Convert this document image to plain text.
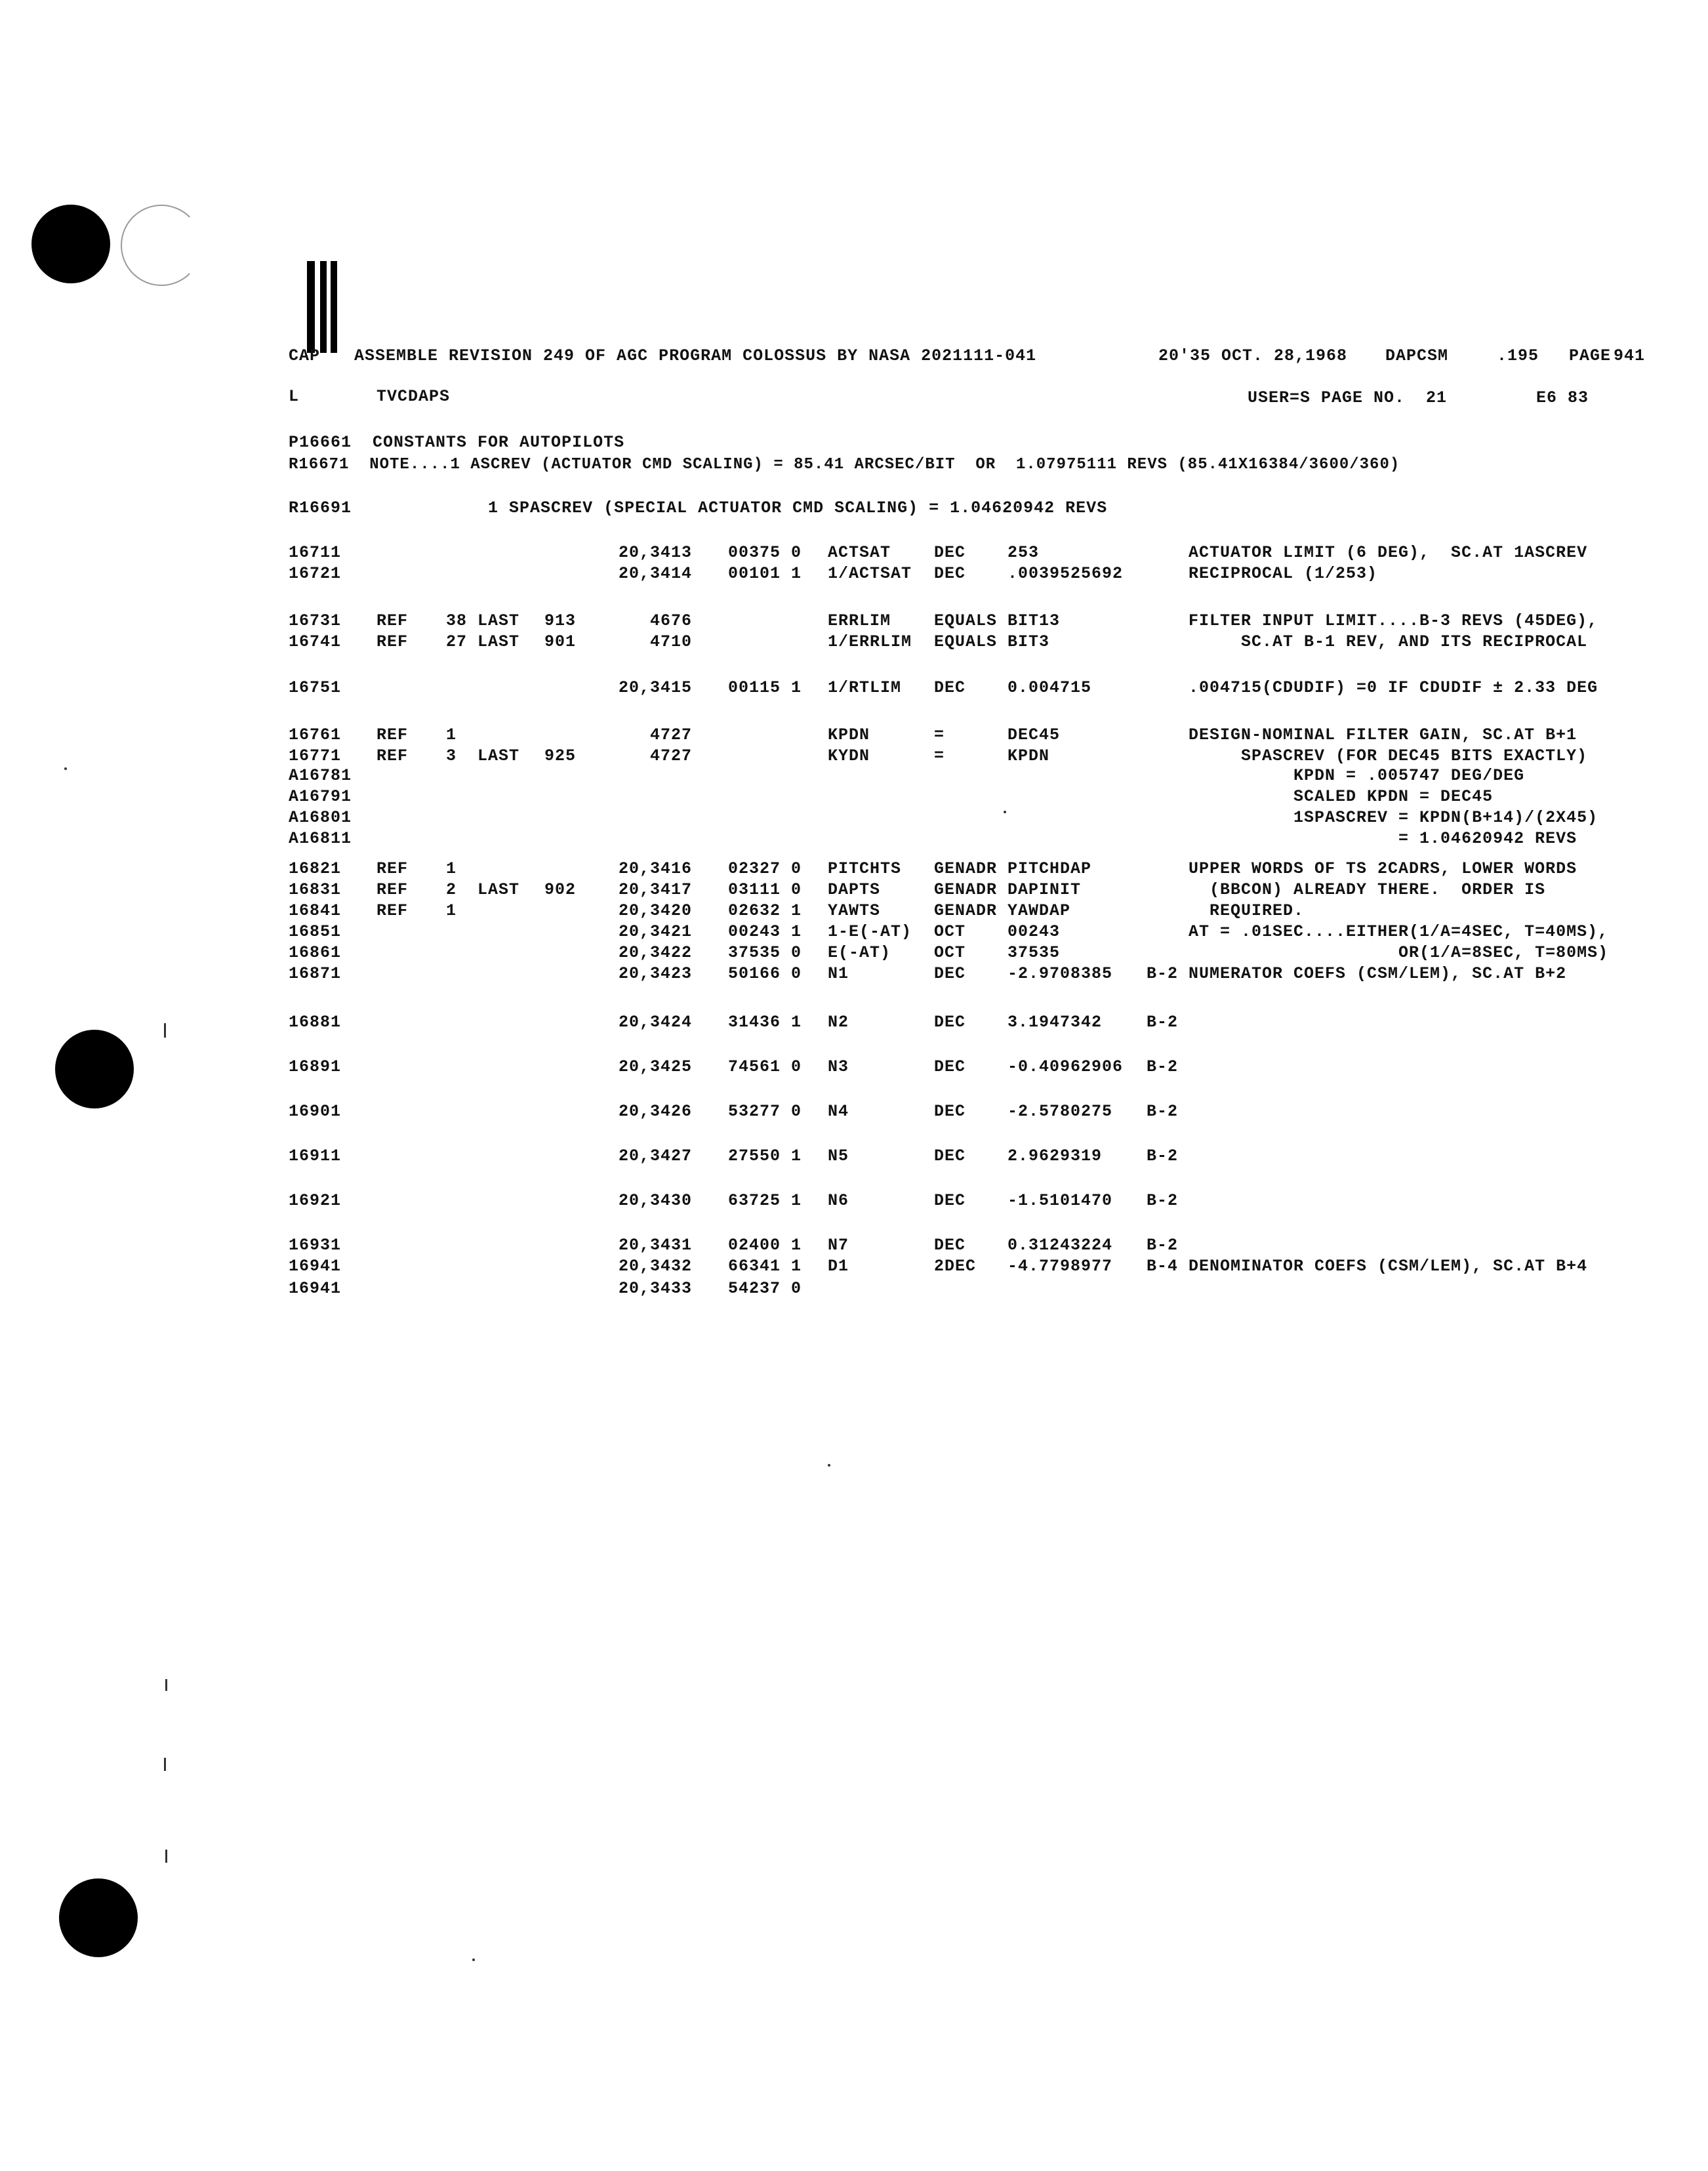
CAP ASSEMBLE REVISION 249 OF AGC PROGRAM COLOSSUS BY NASA 2021111-041	20'35 OCT. 28,1968 DAPCSM	.195 PAGE 941
L	TVCDAPS	USER=S PAGE NO.  21	E6 83
P16661  CONSTANTS FOR AUTOPILOTS
R16671  NOTE....1 ASCREV (ACTUATOR CMD SCALING) = 85.41 ARCSEC/BIT  OR  1.07975111 REVS (85.41X16384/3600/360)
R16691             1 SPASCREV (SPECIAL ACTUATOR CMD SCALING) = 1.04620942 REVS
16711	20,3413 00375 0 ACTSAT	DEC	253	ACTUATOR LIMIT (6 DEG),  SC.AT 1ASCREV
16721	20,3414 00101 1 1/ACTSAT DEC	.0039525692	RECIPROCAL (1/253)
16731 REF 38 LAST 913	4676	ERRLIM	EQUALS BIT13	FILTER INPUT LIMIT....B-3 REVS (45DEG),
16741 REF 27 LAST 901	4710	1/ERRLIM EQUALS BIT3	SC.AT B-1 REV, AND ITS RECIPROCAL
16751	20,3415 00115 1 1/RTLIM DEC	0.004715	.004715(CDUDIF) =0 IF CDUDIF ± 2.33 DEG
16761 REF 1	4727	KPDN	=	DEC45	DESIGN-NOMINAL FILTER GAIN, SC.AT B+1
16771 REF 3 LAST 925	4727	KYDN	=	KPDN	SPASCREV (FOR DEC45 BITS EXACTLY)
A16781	KPDN = .005747 DEG/DEG
A16791	SCALED KPDN = DEC45
A16801	1SPASCREV = KPDN(B+14)/(2X45)
A16811	= 1.04620942 REVS
16821 REF 1	20,3416 02327 0 PITCHTS GENADR PITCHDAP	UPPER WORDS OF TS 2CADRS, LOWER WORDS
16831 REF 2 LAST 902	20,3417 03111 0 DAPTS	GENADR DAPINIT	(BBCON) ALREADY THERE.  ORDER IS
16841 REF 1	20,3420 02632 1 YAWTS	GENADR YAWDAP	REQUIRED.
16851	20,3421 00243 1 1-E(-AT) OCT	00243	AT = .01SEC....EITHER(1/A=4SEC, T=40MS),
16861	20,3422 37535 0 E(-AT)	OCT	37535	OR(1/A=8SEC, T=80MS)
16871	20,3423 50166 0 N1	DEC	-2.9708385 B-2 NUMERATOR COEFS (CSM/LEM), SC.AT B+2
16881	20,3424 31436 1 N2	DEC	3.1947342	B-2
16891	20,3425 74561 0 N3	DEC	-0.40962906 B-2
16901	20,3426 53277 0 N4	DEC	-2.5780275 B-2
16911	20,3427 27550 1 N5	DEC	2.9629319	B-2
16921	20,3430 63725 1 N6	DEC	-1.5101470 B-2
16931	20,3431 02400 1 N7	DEC	0.31243224 B-2
16941	20,3432 66341 1 D1	2DEC -4.7798977 B-4 DENOMINATOR COEFS (CSM/LEM), SC.AT B+4
16941	20,3433 54237 0
